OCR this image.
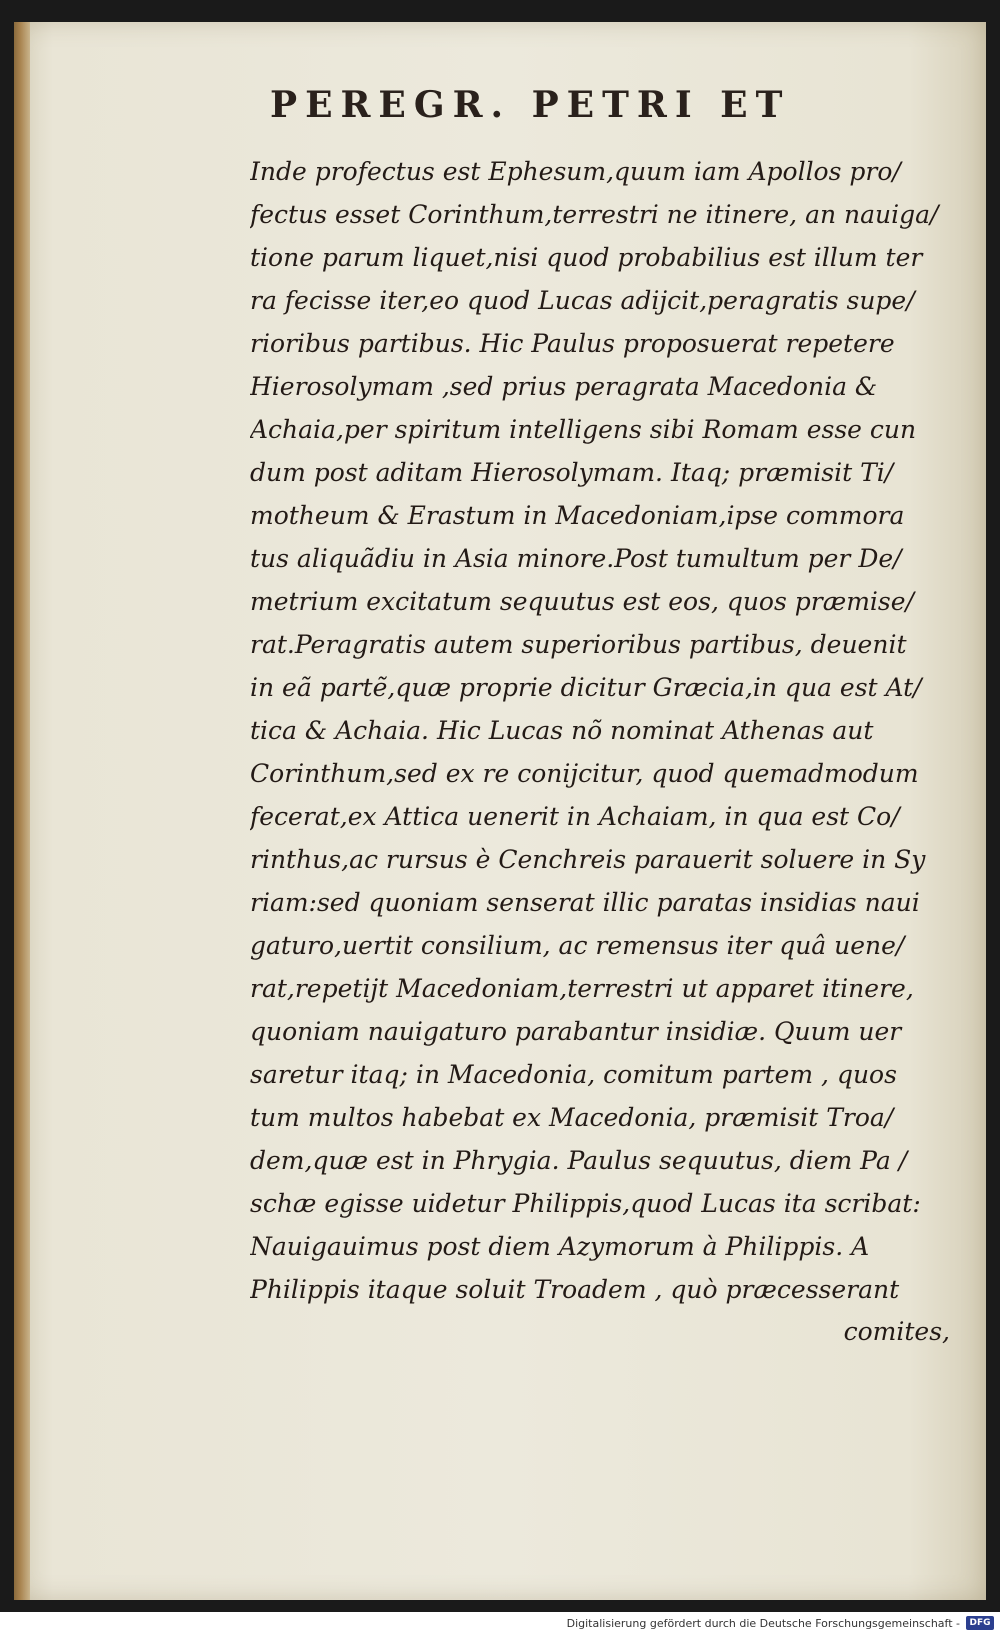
PEREGR. PETRI ET
Inde profectus est Ephesum,quum iam Apollos pro/
fectus esset Corinthum,terrestri ne itinere, an nauiga/
tione parum liquet,nisi quod probabilius est illum ter
ra fecisse iter,eo quod Lucas adijcit,peragratis supe/
rioribus partibus. Hic Paulus proposuerat repetere
Hierosolymam ,sed prius peragrata Macedonia &
Achaia,per spiritum intelligens sibi Romam esse cun
dum post aditam Hierosolymam. Itaq; præmisit Ti/
motheum & Erastum in Macedoniam,ipse commora
tus aliquãdiu in Asia minore.Post tumultum per De/
metrium excitatum sequutus est eos, quos præmise/
rat.Peragratis autem superioribus partibus, deuenit
in eã partẽ,quæ proprie dicitur Græcia,in qua est At/
tica & Achaia. Hic Lucas nõ nominat Athenas aut
Corinthum,sed ex re conijcitur, quod quemadmodum
fecerat,ex Attica uenerit in Achaiam, in qua est Co/
rinthus,ac rursus è Cenchreis parauerit soluere in Sy
riam:sed quoniam senserat illic paratas insidias naui
gaturo,uertit consilium, ac remensus iter quâ uene/
rat,repetijt Macedoniam,terrestri ut apparet itinere,
quoniam nauigaturo parabantur insidiæ. Quum uer
saretur itaq; in Macedonia, comitum partem , quos
tum multos habebat ex Macedonia, præmisit Troa/
dem,quæ est in Phrygia. Paulus sequutus, diem Pa /
schæ egisse uidetur Philippis,quod Lucas ita scribat:
Nauigauimus post diem Azymorum à Philippis. A
Philippis itaque soluit Troadem , quò præcesserant
comites,
Digitalisierung gefördert durch die Deutsche Forschungsgemeinschaft -	DFG
